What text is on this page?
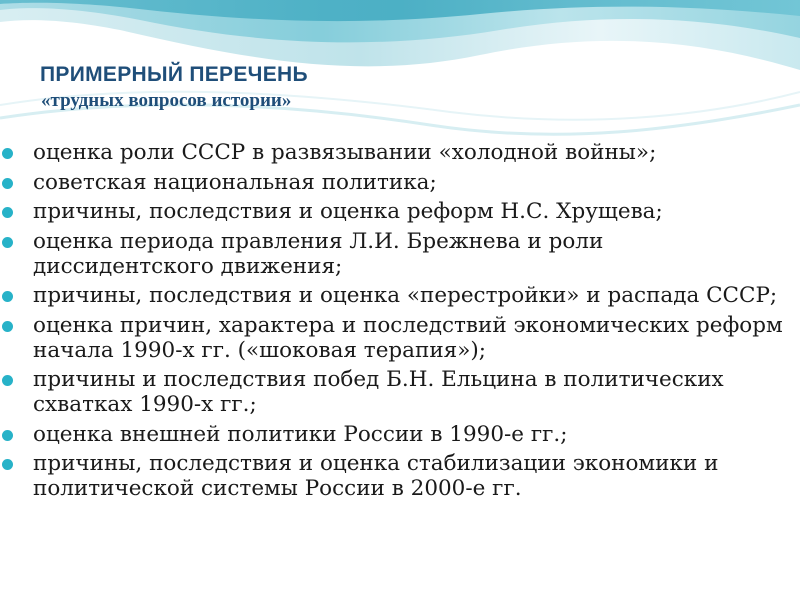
ПРИМЕРНЫЙ ПЕРЕЧЕНЬ
«трудных вопросов истории»
оценка роли СССР в развязывании «холодной войны»;
советская национальная политика;
причины, последствия и оценка реформ Н.С. Хрущева;
оценка периода правления Л.И. Брежнева и роли диссидентского движения;
причины, последствия и оценка «перестройки» и распада СССР;
оценка причин, характера и последствий экономических реформ начала 1990-х гг. («шоковая терапия»);
причины и последствия побед Б.Н. Ельцина в политических схватках 1990-х гг.;
оценка внешней политики России в 1990-е гг.;
причины, последствия и оценка стабилизации экономики и политической системы России в 2000-е гг.
